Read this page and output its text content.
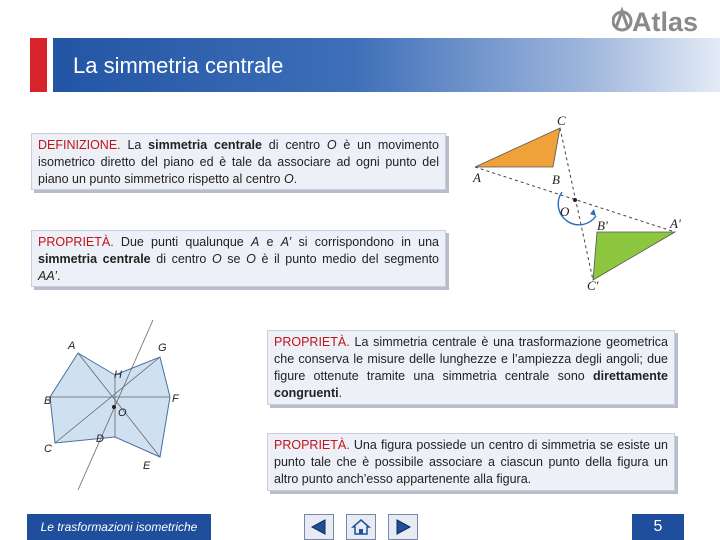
Atlas
La simmetria centrale
DEFINIZIONE. La simmetria centrale di centro O è un movimento isometrico diretto del piano ed è tale da associare ad ogni punto del piano un punto simmetrico rispetto al centro O.
PROPRIETÀ. Due punti qualunque A e A’ si corrispondono in una simmetria centrale di centro O se O è il punto medio del segmento AA’.
PROPRIETÀ. La simmetria centrale è una trasformazione geometrica che conserva le misure delle lunghezze e l’ampiezza degli angoli; due figure ottenute tramite una simmetria centrale sono direttamente congruenti.
PROPRIETÀ. Una figura possiede un centro di simmetria se esiste un punto tale che è possibile associare a ciascun punto della figura un altro punto anch’esso appartenente alla figura.
C
A	B
O
B'	A'
C'
A
B
C
D
E
F
G
H
O
Le trasformazioni isometriche	5
